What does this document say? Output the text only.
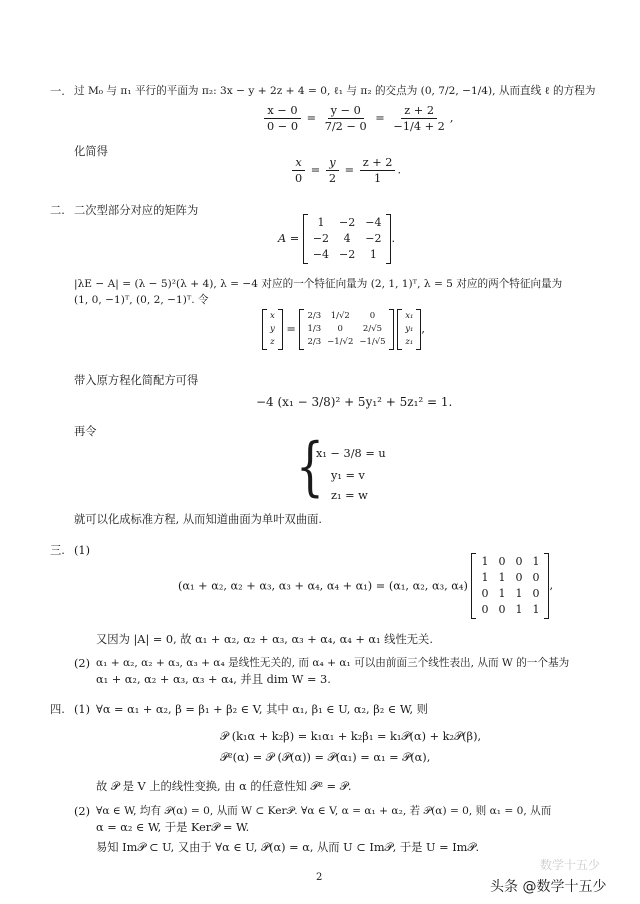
一. 过 M₀ 与 π₁ 平行的平面为 π₂: 3x − y + 2z + 4 = 0, ℓ₁ 与 π₂ 的交点为 (0, 7/2, −1/4), 从而直线 ℓ 的方程为
$\frac{x - 0}{0 - 0} = \frac{y - 0}{7/2 - 0} = \frac{z + 2}{-1/4 + 2}$ ,
化简得
$\frac{x}{0} = \frac{y}{2} = \frac{z + 2}{1}$ .
二. 二次型部分对应的矩阵为
A =
1	−2	−4
−2	4	−2
−4	−2	1
.
|λE − A| = (λ − 5)²(λ + 4), λ = −4 对应的一个特征向量为 (2, 1, 1)ᵀ, λ = 5 对应的两个特征向量为
(1, 0, −1)ᵀ, (0, 2, −1)ᵀ. 令
x
y
z
=
2/3	1/√2	0
1/3	0	2/√5
2/3	−1/√2	−1/√5

x₁
y₁
z₁
,
带入原方程化简配方可得
−4 (x₁ − 3/8)² + 5y₁² + 5z₁² = 1.
再令	{
x₁ − 3/8 = u
y₁ = v
z₁ = w
就可以化成标准方程, 从而知道曲面为单叶双曲面.
三. (1)
(α₁ + α₂, α₂ + α₃, α₃ + α₄, α₄ + α₁) = (α₁, α₂, α₃, α₄)
1	0	0	1
1	1	0	0
0	1	1	0
0	0	1	1
,
又因为 |A| = 0, 故 α₁ + α₂, α₂ + α₃, α₃ + α₄, α₄ + α₁ 线性无关.
(2) α₁ + α₂, α₂ + α₃, α₃ + α₄ 是线性无关的, 而 α₄ + α₁ 可以由前面三个线性表出, 从而 W 的一个基为
α₁ + α₂, α₂ + α₃, α₃ + α₄, 并且 dim W = 3.
四. (1) ∀α = α₁ + α₂, β = β₁ + β₂ ∈ V, 其中 α₁, β₁ ∈ U, α₂, β₂ ∈ W, 则
𝒫 (k₁α + k₂β) = k₁α₁ + k₂β₁ = k₁𝒫(α) + k₂𝒫(β),
𝒫²(α) = 𝒫 (𝒫(α)) = 𝒫(α₁) = α₁ = 𝒫(α),
故 𝒫 是 V 上的线性变换, 由 α 的任意性知 𝒫² = 𝒫.
(2) ∀α ∈ W, 均有 𝒫(α) = 0, 从而 W ⊂ Ker𝒫. ∀α ∈ V, α = α₁ + α₂, 若 𝒫(α) = 0, 则 α₁ = 0, 从而
α = α₂ ∈ W, 于是 Ker𝒫 = W.
易知 Im𝒫 ⊂ U, 又由于 ∀α ∈ U, 𝒫(α) = α, 从而 U ⊂ Im𝒫, 于是 U = Im𝒫.
2
数学十五少
头条 @数学十五少
